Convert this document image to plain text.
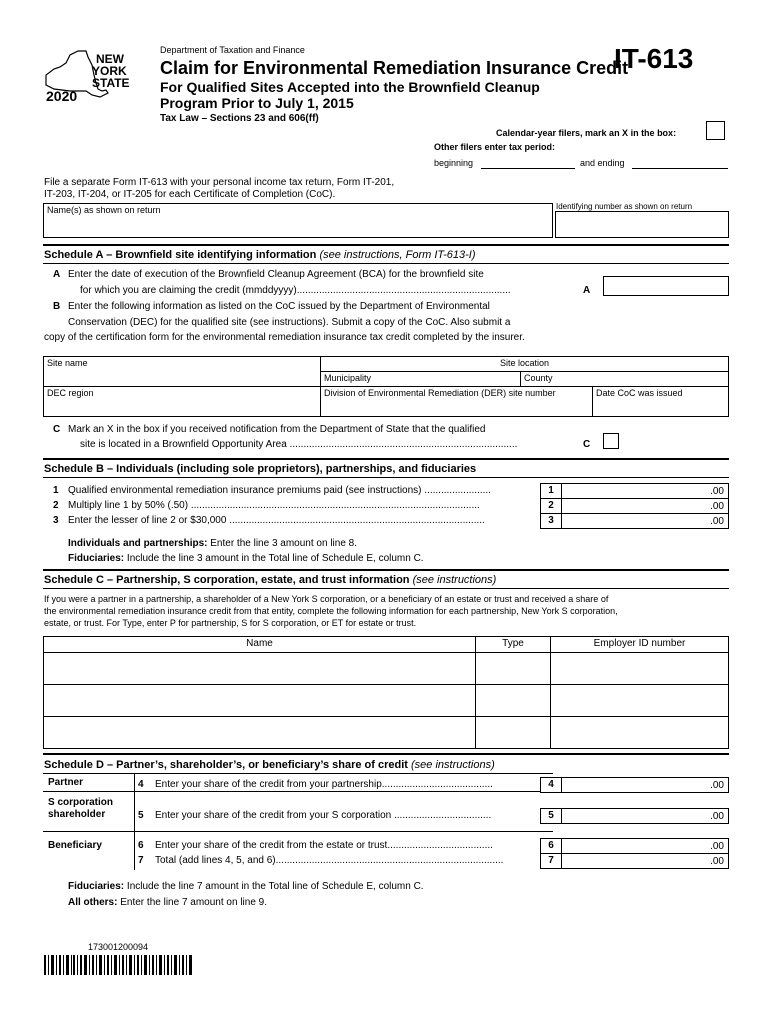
NEW
YORK
STATE
2020
Department of Taxation and Finance
Claim for Environmental Remediation Insurance Credit
For Qualified Sites Accepted into the Brownfield Cleanup
Program Prior to July 1, 2015
Tax Law – Sections 23 and 606(ff)
IT-613
Calendar-year filers, mark an X in the box:
Other filers enter tax period:
beginning	and ending
File a separate Form IT-613 with your personal income tax return, Form IT-201,
IT-203, IT-204, or IT-205 for each Certificate of Completion (CoC).
Name(s) as shown on return	Identifying number as shown on return
Schedule A – Brownfield site identifying information (see instructions, Form IT-613-I)
A Enter the date of execution of the Brownfield Cleanup Agreement (BCA) for the brownfield site
for which you are claiming the credit (mmddyyyy).............................................................................	A
B Enter the following information as listed on the CoC issued by the Department of Environmental
Conservation (DEC) for the qualified site (see instructions). Submit a copy of the CoC. Also submit a
copy of the certification form for the environmental remediation insurance tax credit completed by the insurer.
Site name	Site location		
	Municipality	County	
DEC region	Division of Environmental Remediation (DER) site number		Date CoC was issued
C Mark an X in the box if you received notification from the Department of State that the qualified
site is located in a Brownfield Opportunity Area ..................................................................................	C
Schedule B – Individuals (including sole proprietors), partnerships, and fiduciaries
1 Qualified environmental remediation insurance premiums paid (see instructions) ........................	1	.00
2 Multiply line 1 by 50% (.50) ........................................................................................................	2	.00
3 Enter the lesser of line 2 or $30,000 ............................................................................................	3	.00
Individuals and partnerships: Enter the line 3 amount on line 8.
Fiduciaries: Include the line 3 amount in the Total line of Schedule E, column C.
Schedule C – Partnership, S corporation, estate, and trust information (see instructions)
If you were a partner in a partnership, a shareholder of a New York S corporation, or a beneficiary of an estate or trust and received a share of
the environmental remediation insurance credit from that entity, complete the following information for each partnership, New York S corporation,
estate, or trust. For Type, enter P for partnership, S for S corporation, or ET for estate or trust.
Name	Type	Employer ID number

Schedule D – Partner’s, shareholder’s, or beneficiary’s share of credit (see instructions)
Partner
S corporation
shareholder
Beneficiary
4 Enter your share of the credit from your partnership........................................	4	.00
5 Enter your share of the credit from your S corporation ...................................	5	.00
6 Enter your share of the credit from the estate or trust......................................	6	.00
7 Total (add lines 4, 5, and 6)..................................................................................	7	.00
Fiduciaries: Include the line 7 amount in the Total line of Schedule E, column C.
All others: Enter the line 7 amount on line 9.
173001200094
